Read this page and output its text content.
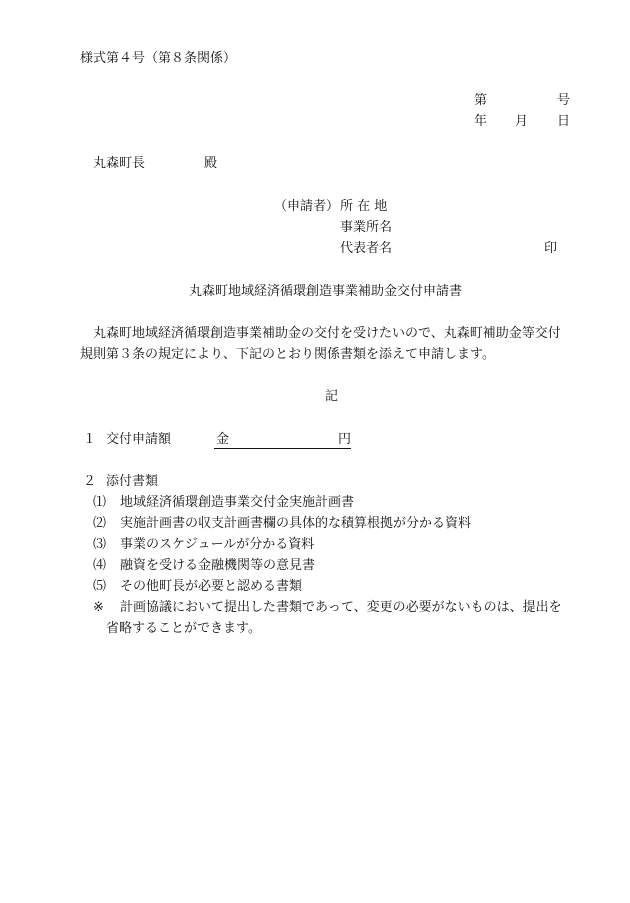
様式第４号（第８条関係）
第	号
年 月 日
丸森町長	殿
（申請者） 所 在 地
事業所名
代表者名	印
丸森町地域経済循環創造事業補助金交付申請書
丸森町地域経済循環創造事業補助金の交付を受けたいので、丸森町補助金等交付
規則第３条の規定により、下記のとおり関係書類を添えて申請します。
記
１ 交付申請額	金	円
２ 添付書類
⑴ 地域経済循環創造事業交付金実施計画書
⑵ 実施計画書の収支計画書欄の具体的な積算根拠が分かる資料
⑶ 事業のスケジュールが分かる資料
⑷ 融資を受ける金融機関等の意見書
⑸ その他町長が必要と認める書類
※ 計画協議において提出した書類であって、変更の必要がないものは、提出を
省略することができます。
